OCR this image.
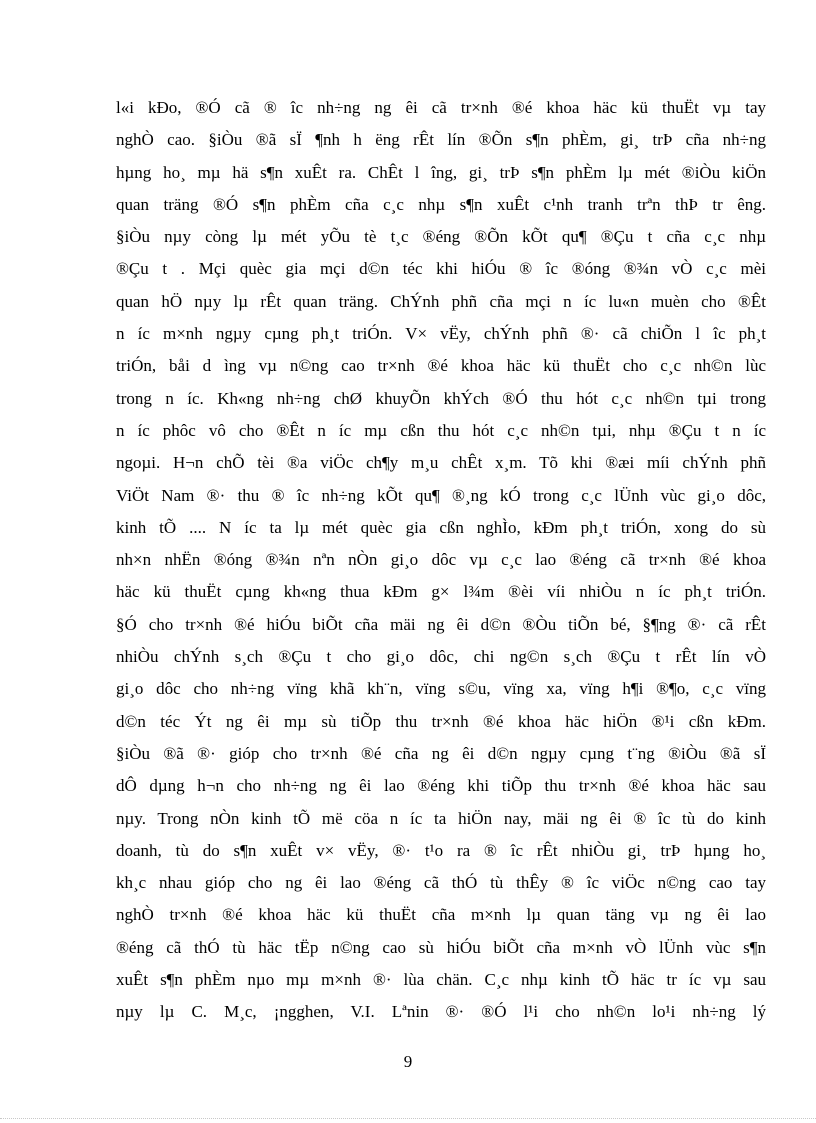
l«i kÐo, ®Ó cã ® îc nh÷ng ng êi cã tr×nh ®é khoa häc kü thuËt vµ tay
nghÒ cao. §iÒu ®ã sÏ ¶nh h ëng rÊt lín ®Õn s¶n phÈm, gi¸ trÞ cña nh÷ng
hµng ho¸ mµ hä s¶n xuÊt ra. ChÊt l îng, gi¸ trÞ s¶n phÈm lµ mét ®iÒu kiÖn
quan träng ®Ó s¶n phÈm cña c¸c nhµ s¶n xuÊt c¹nh tranh trªn thÞ tr êng.
§iÒu nµy còng lµ mét yÕu tè t¸c ®éng ®Õn kÕt qu¶ ®Çu t cña c¸c nhµ
®Çu t . Mçi quèc gia mçi d©n téc khi hiÓu ® îc ®óng ®¾n vÒ c¸c mèi
quan hÖ nµy lµ rÊt quan träng. ChÝnh phñ cña mçi n íc lu«n muèn cho ®Êt
n íc m×nh ngµy cµng ph¸t triÓn. V× vËy, chÝnh phñ ®· cã chiÕn l îc ph¸t
triÓn, båi d ìng vµ n©ng cao tr×nh ®é khoa häc kü thuËt cho c¸c nh©n lùc
trong n íc. Kh«ng nh÷ng chØ khuyÕn khÝch ®Ó thu hót c¸c nh©n tµi trong
n íc phôc vô cho ®Êt n íc mµ cßn thu hót c¸c nh©n tµi, nhµ ®Çu t n íc
ngoµi. H¬n chÕ tèi ®a viÖc ch¶y m¸u chÊt x¸m. Tõ khi ®æi míi chÝnh phñ
ViÖt Nam ®· thu ® îc nh÷ng kÕt qu¶ ®¸ng kÓ trong c¸c lÜnh vùc gi¸o dôc,
kinh tÕ .... N íc ta lµ mét quèc gia cßn nghÌo, kÐm ph¸t triÓn, xong do sù
nh×n nhËn ®óng ®¾n nªn nÒn gi¸o dôc vµ c¸c lao ®éng cã tr×nh ®é khoa
häc kü thuËt cµng kh«ng thua kÐm g× l¾m ®èi víi nhiÒu n íc ph¸t triÓn.
§Ó cho tr×nh ®é hiÓu biÕt cña mäi ng êi d©n ®Òu tiÕn bé, §¶ng ®· cã rÊt
nhiÒu chÝnh s¸ch ®Çu t cho gi¸o dôc, chi ng©n s¸ch ®Çu t rÊt lín vÒ
gi¸o dôc cho nh÷ng vïng khã kh¨n, vïng s©u, vïng xa, vïng h¶i ®¶o, c¸c vïng
d©n téc Ýt ng êi mµ sù tiÕp thu tr×nh ®é khoa häc hiÖn ®¹i cßn kÐm.
§iÒu ®ã ®· gióp cho tr×nh ®é cña ng êi d©n ngµy cµng t¨ng ®iÒu ®ã sÏ
dÔ dµng h¬n cho nh÷ng ng êi lao ®éng khi tiÕp thu tr×nh ®é khoa häc sau
nµy. Trong nÒn kinh tÕ më cöa n íc ta hiÖn nay, mäi ng êi ® îc tù do kinh
doanh, tù do s¶n xuÊt v× vËy, ®· t¹o ra ® îc rÊt nhiÒu gi¸ trÞ hµng ho¸
kh¸c nhau gióp cho ng êi lao ®éng cã thÓ tù thÊy ® îc viÖc n©ng cao tay
nghÒ tr×nh ®é khoa häc kü thuËt cña m×nh lµ quan täng vµ ng êi lao
®éng cã thÓ tù häc tËp n©ng cao sù hiÓu biÕt cña m×nh vÒ lÜnh vùc s¶n
xuÊt s¶n phÈm nµo mµ m×nh ®· lùa chän. C¸c nhµ kinh tÕ häc tr íc vµ sau
nµy lµ C. M¸c, ¡ngghen, V.I. Lªnin ®· ®Ó l¹i cho nh©n lo¹i nh÷ng lý
9
